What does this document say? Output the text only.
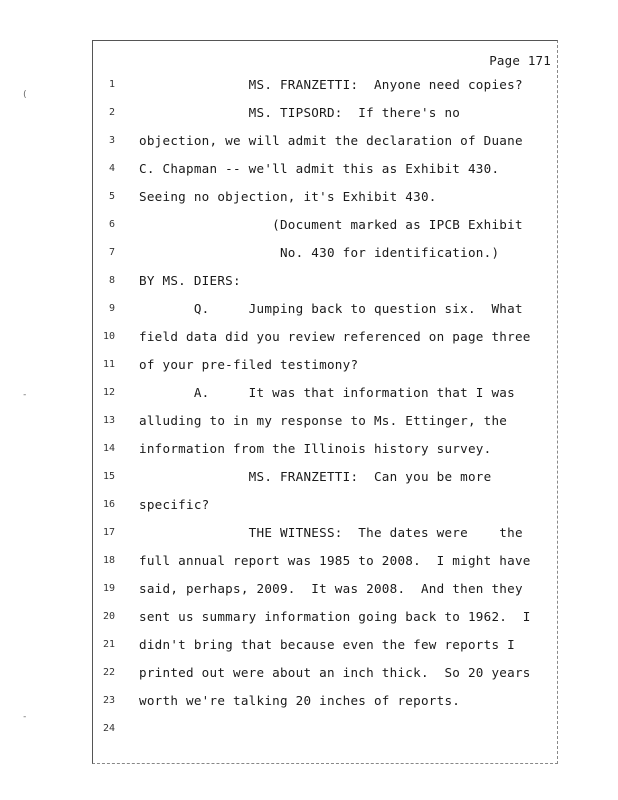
Page 171
1 MS. FRANZETTI:  Anyone need copies?
2 MS. TIPSORD:  If there's no
3 objection, we will admit the declaration of Duane
4 C. Chapman -- we'll admit this as Exhibit 430.
5 Seeing no objection, it's Exhibit 430.
6 (Document marked as IPCB Exhibit
7 No. 430 for identification.)
8 BY MS. DIERS:
9 Q.     Jumping back to question six.  What
10 field data did you review referenced on page three
11 of your pre-filed testimony?
12 A.     It was that information that I was
13 alluding to in my response to Ms. Ettinger, the
14 information from the Illinois history survey.
15 MS. FRANZETTI:  Can you be more
16 specific?
17 THE WITNESS:  The dates were    the
18 full annual report was 1985 to 2008.  I might have
19 said, perhaps, 2009.  It was 2008.  And then they
20 sent us summary information going back to 1962.  I
21 didn't bring that because even the few reports I
22 printed out were about an inch thick.  So 20 years
23 worth we're talking 20 inches of reports.
24
(
-
-
